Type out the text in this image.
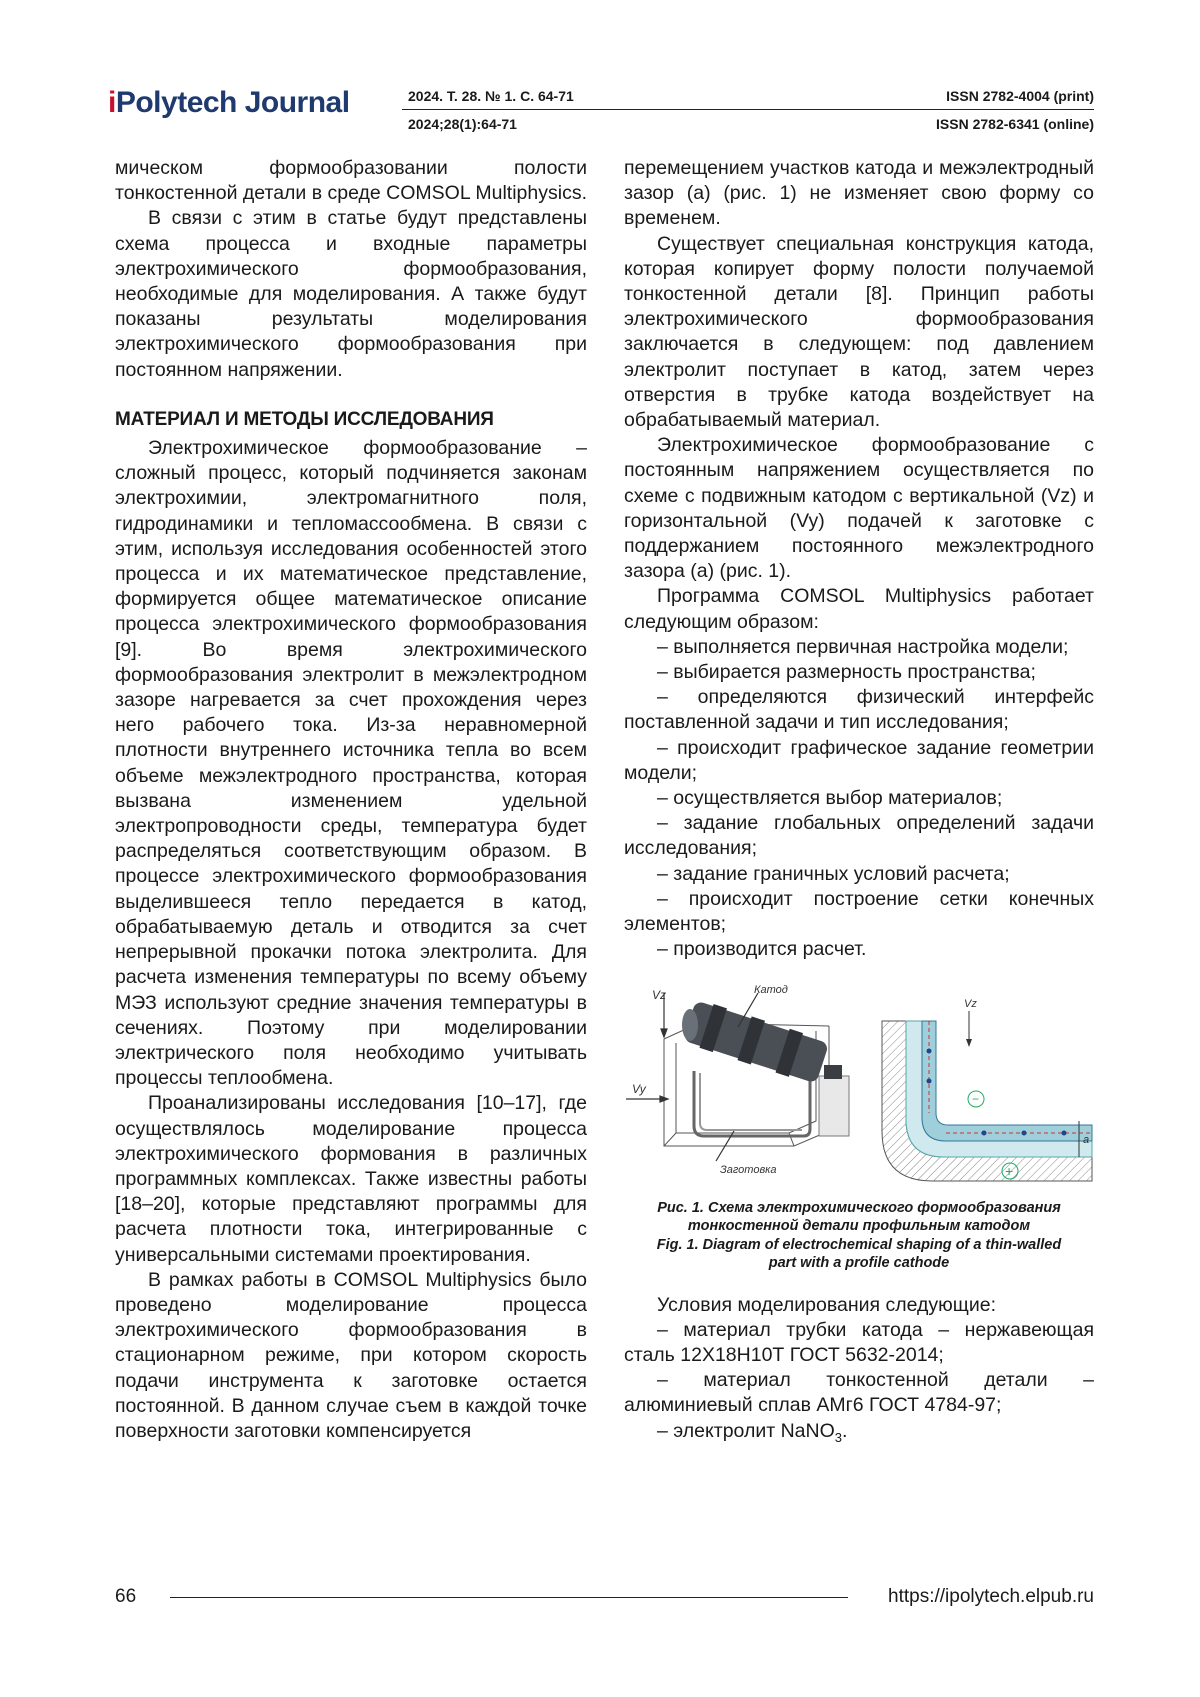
iPolytech Journal	2024. Т. 28. № 1. С. 64-71
2024;28(1):64-71
ISSN 2782-4004 (print)
ISSN 2782-6341 (online)

мическом формообразовании полости тонкостенной детали в среде COMSOL Multiphysics.

В связи с этим в статье будут представлены схема процесса и входные параметры электрохимического формообразования, необходимые для моделирования. А также будут показаны результаты моделирования электрохимического формообразования при постоянном напряжении.

МАТЕРИАЛ И МЕТОДЫ ИССЛЕДОВАНИЯ

Электрохимическое формообразование – сложный процесс, который подчиняется законам электрохимии, электромагнитного поля, гидродинамики и тепломассообмена. В связи с этим, используя исследования особенностей этого процесса и их математическое представление, формируется общее математическое описание процесса электрохимического формообразования [9]. Во время электрохимического формообразования электролит в межэлектродном зазоре нагревается за счет прохождения через него рабочего тока. Из-за неравномерной плотности внутреннего источника тепла во всем объеме межэлектродного пространства, которая вызвана изменением удельной электропроводности среды, температура будет распределяться соответствующим образом. В процессе электрохимического формообразования выделившееся тепло передается в катод, обрабатываемую деталь и отводится за счет непрерывной прокачки потока электролита. Для расчета изменения температуры по всему объему МЭЗ используют средние значения температуры в сечениях. Поэтому при моделировании электрического поля необходимо учитывать процессы теплообмена.

Проанализированы исследования [10–17], где осуществлялось моделирование процесса электрохимического формования в различных программных комплексах. Также известны работы [18–20], которые представляют программы для расчета плотности тока, интегрированные с универсальными системами проектирования.

В рамках работы в COMSOL Multiphysics было проведено моделирование процесса электрохимического формообразования в стационарном режиме, при котором скорость подачи инструмента к заготовке остается постоянной. В данном случае съем в каждой точке поверхности заготовки компенсируется

перемещением участков катода и межэлектродный зазор (a) (рис. 1) не изменяет свою форму со временем.

Существует специальная конструкция катода, которая копирует форму полости получаемой тонкостенной детали [8]. Принцип работы электрохимического формообразования заключается в следующем: под давлением электролит поступает в катод, затем через отверстия в трубке катода воздействует на обрабатываемый материал.

Электрохимическое формообразование с постоянным напряжением осуществляется по схеме с подвижным катодом с вертикальной (Vz) и горизонтальной (Vy) подачей к заготовке с поддержанием постоянного межэлектродного зазора (a) (рис. 1).

Программа COMSOL Multiphysics работает следующим образом:

– выполняется первичная настройка модели;

– выбирается размерность пространства;

– определяются физический интерфейс поставленной задачи и тип исследования;

– происходит графическое задание геометрии модели;

– осуществляется выбор материалов;

– задание глобальных определений задачи исследования;

– задание граничных условий расчета;

– происходит построение сетки конечных элементов;

– производится расчет.

Vz
Vy
Катод
Заготовка
Vz
a
−
+
Рис. 1. Схема электрохимического формообразования
тонкостенной детали профильным катодом
Fig. 1. Diagram of electrochemical shaping of a thin-walled
part with a profile cathode

Условия моделирования следующие:

– материал трубки катода – нержавеющая сталь 12Х18Н10Т ГОСТ 5632-2014;

– материал тонкостенной детали – алюминиевый сплав АМг6 ГОСТ 4784-97;

– электролит NaNO$_3$.

66	https://ipolytech.elpub.ru
